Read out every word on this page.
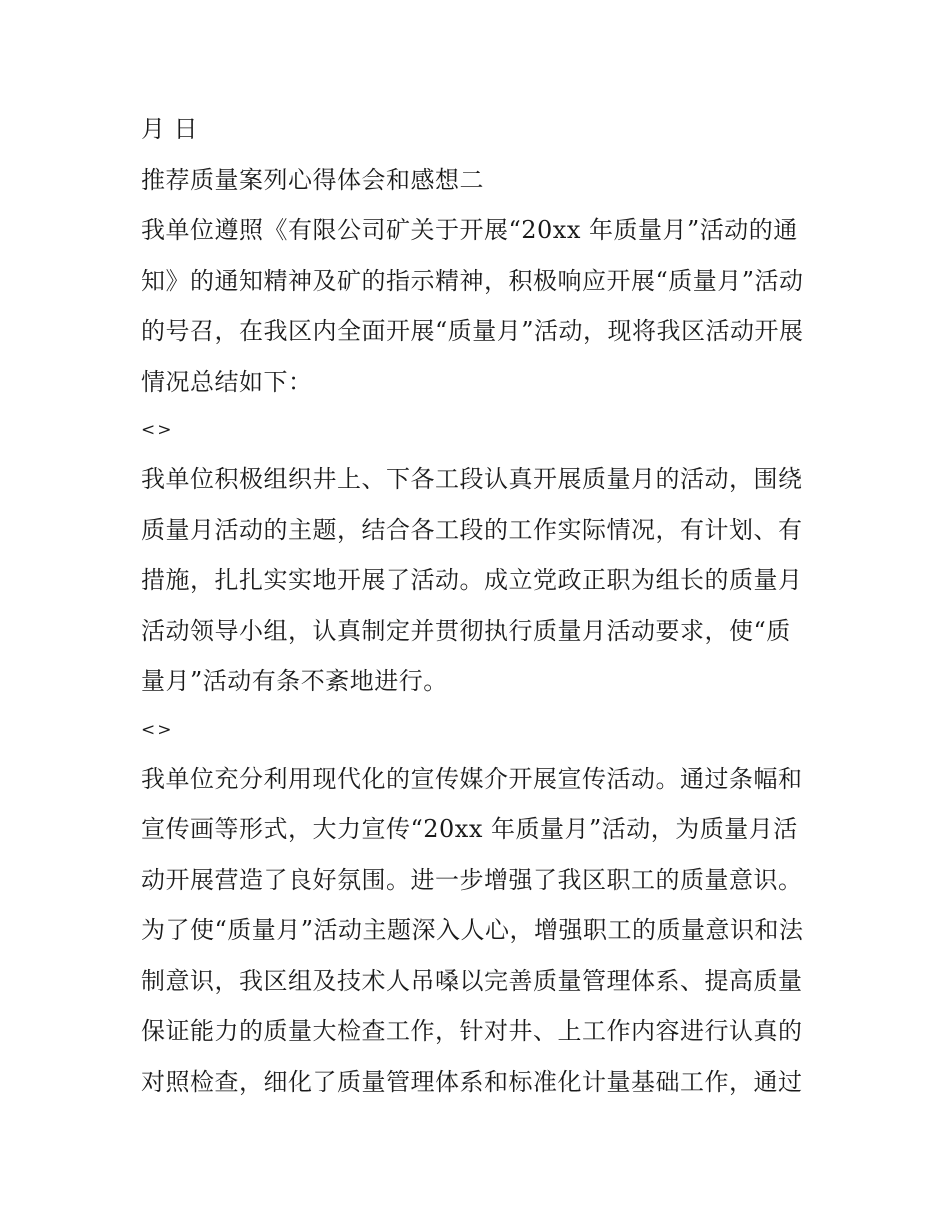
月 日
推荐质量案列心得体会和感想二
我单位遵照《有限公司矿关于开展“20xx 年质量月”活动的通
知》的通知精神及矿的指示精神，积极响应开展“质量月”活动
的号召，在我区内全面开展“质量月”活动，现将我区活动开展
情况总结如下：
<>
我单位积极组织井上、下各工段认真开展质量月的活动，围绕
质量月活动的主题，结合各工段的工作实际情况，有计划、有
措施，扎扎实实地开展了活动。成立党政正职为组长的质量月
活动领导小组，认真制定并贯彻执行质量月活动要求，使“质
量月”活动有条不紊地进行。
<>
我单位充分利用现代化的宣传媒介开展宣传活动。通过条幅和
宣传画等形式，大力宣传“20xx 年质量月”活动，为质量月活
动开展营造了良好氛围。进一步增强了我区职工的质量意识。
为了使“质量月”活动主题深入人心，增强职工的质量意识和法
制意识，我区组及技术人吊嗓以完善质量管理体系、提高质量
保证能力的质量大检查工作，针对井、上工作内容进行认真的
对照检查，细化了质量管理体系和标准化计量基础工作，通过
